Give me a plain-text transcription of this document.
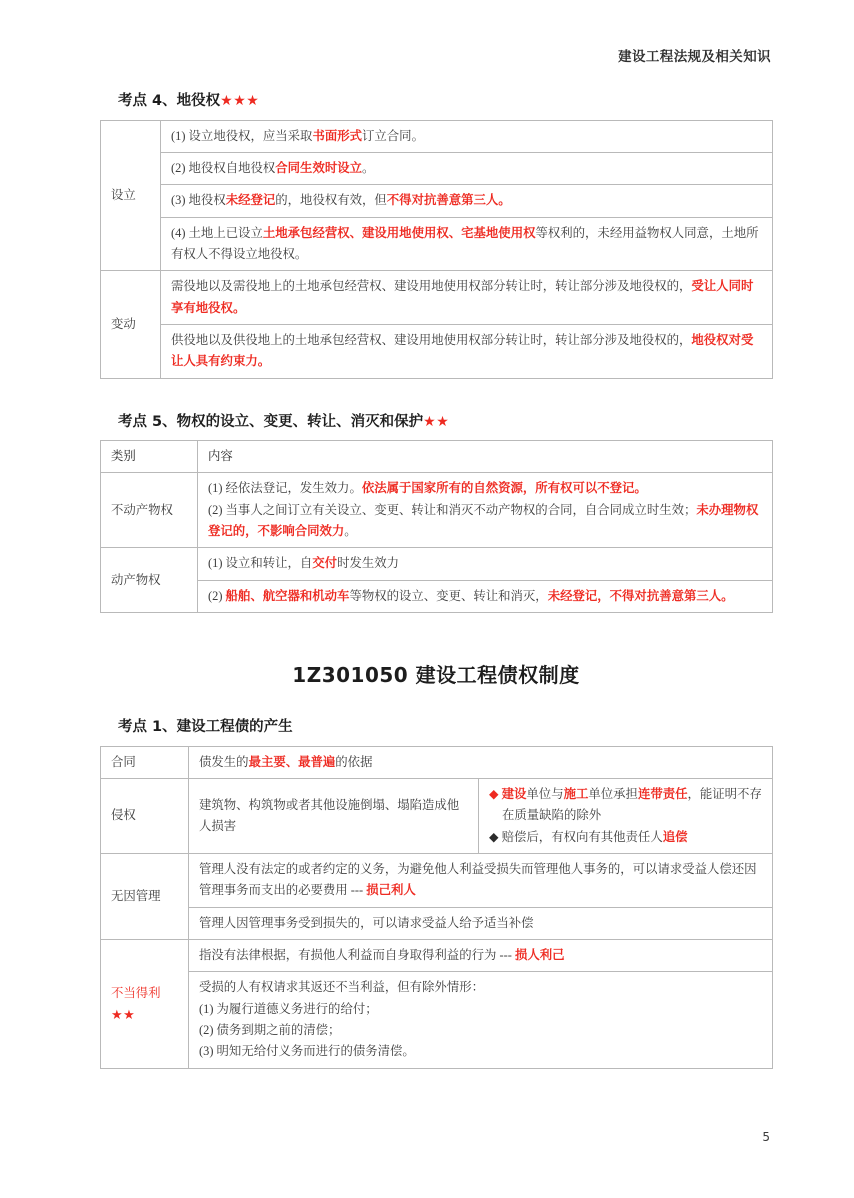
建设工程法规及相关知识
考点 4、地役权★★★
设立	(1) 设立地役权，应当采取书面形式订立合同。
	(2) 地役权自地役权合同生效时设立。
	(3) 地役权未经登记的，地役权有效，但不得对抗善意第三人。
	(4) 土地上已设立土地承包经营权、建设用地使用权、宅基地使用权等权利的，未经用益物权人同意，土地所有权人不得设立地役权。
变动	需役地以及需役地上的土地承包经营权、建设用地使用权部分转让时，转让部分涉及地役权的，受让人同时享有地役权。
	供役地以及供役地上的土地承包经营权、建设用地使用权部分转让时，转让部分涉及地役权的，地役权对受让人具有约束力。
考点 5、物权的设立、变更、转让、消灭和保护★★
类别	内容
不动产物权	(1) 经依法登记，发生效力。依法属于国家所有的自然资源，所有权可以不登记。
(2) 当事人之间订立有关设立、变更、转让和消灭不动产物权的合同，自合同成立时生效；未办理物权登记的，不影响合同效力。

动产物权	(1) 设立和转让，自交付时发生效力
	(2) 船舶、航空器和机动车等物权的设立、变更、转让和消灭，未经登记，不得对抗善意第三人。
1Z301050 建设工程债权制度
考点 1、建设工程债的产生
合同	债发生的最主要、最普遍的依据	
侵权	建筑物、构筑物或者其他设施倒塌、塌陷造成他人损害	◆ 建设单位与施工单位承担连带责任，能证明不存在质量缺陷的除外
◆ 赔偿后，有权向有其他责任人追偿

无因管理	管理人没有法定的或者约定的义务，为避免他人利益受损失而管理他人事务的，可以请求受益人偿还因管理事务而支出的必要费用 --- 损己利人	
	管理人因管理事务受到损失的，可以请求受益人给予适当补偿	
不当得利
★★	指没有法律根据，有损他人利益而自身取得利益的行为 --- 损人利己	

	受损的人有权请求其返还不当利益，但有除外情形：
(1) 为履行道德义务进行的给付；
(2) 债务到期之前的清偿；
(3) 明知无给付义务而进行的债务清偿。	
5
